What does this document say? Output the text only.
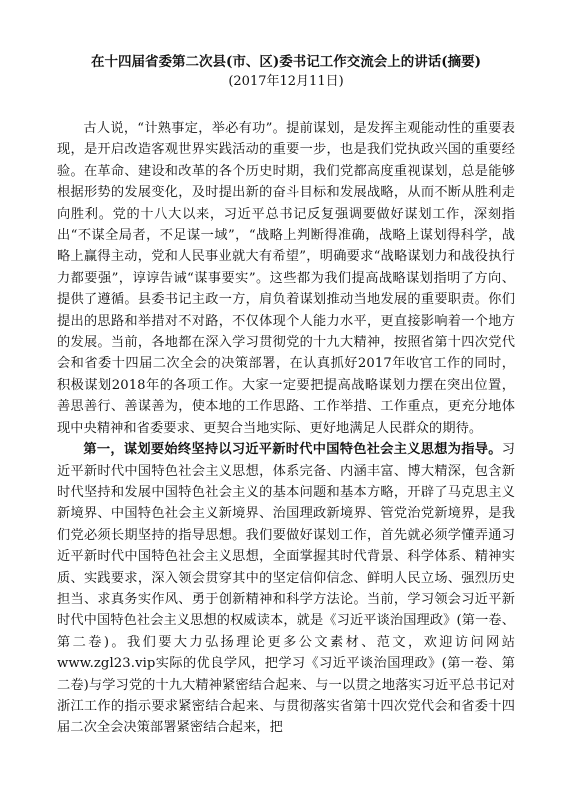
在十四届省委第二次县(市、区)委书记工作交流会上的讲话(摘要)

(2017年12月11日)

古人说，“计熟事定，举必有功”。提前谋划，是发挥主观能动性的重要表现，是开启改造客观世界实践活动的重要一步，也是我们党执政兴国的重要经验。在革命、建设和改革的各个历史时期，我们党都高度重视谋划，总是能够根据形势的发展变化，及时提出新的奋斗目标和发展战略，从而不断从胜利走向胜利。党的十八大以来，习近平总书记反复强调要做好谋划工作，深刻指出“不谋全局者，不足谋一域”，“战略上判断得准确，战略上谋划得科学，战略上赢得主动，党和人民事业就大有希望”，明确要求“战略谋划力和战役执行力都要强”，谆谆告诫“谋事要实”。这些都为我们提高战略谋划指明了方向、提供了遵循。县委书记主政一方，肩负着谋划推动当地发展的重要职责。你们提出的思路和举措对不对路，不仅体现个人能力水平，更直接影响着一个地方的发展。当前，各地都在深入学习贯彻党的十九大精神，按照省第十四次党代会和省委十四届二次全会的决策部署，在认真抓好2017年收官工作的同时，积极谋划2018年的各项工作。大家一定要把提高战略谋划力摆在突出位置，善思善行、善谋善为，使本地的工作思路、工作举措、工作重点，更充分地体现中央精神和省委要求、更契合当地实际、更好地满足人民群众的期待。

第一，谋划要始终坚持以习近平新时代中国特色社会主义思想为指导。习近平新时代中国特色社会主义思想，体系完备、内涵丰富、博大精深，包含新时代坚持和发展中国特色社会主义的基本问题和基本方略，开辟了马克思主义新境界、中国特色社会主义新境界、治国理政新境界、管党治党新境界，是我们党必须长期坚持的指导思想。我们要做好谋划工作，首先就必须学懂弄通习近平新时代中国特色社会主义思想，全面掌握其时代背景、科学体系、精神实质、实践要求，深入领会贯穿其中的坚定信仰信念、鲜明人民立场、强烈历史担当、求真务实作风、勇于创新精神和科学方法论。当前，学习领会习近平新时代中国特色社会主义思想的权威读本，就是《习近平谈治国理政》(第一卷、第二卷)。我们要大力弘扬理论更多公文素材、范文，欢迎访问网站www.zgl23.vip实际的优良学风，把学习《习近平谈治国理政》(第一卷、第二卷)与学习党的十九大精神紧密结合起来、与一以贯之地落实习近平总书记对浙江工作的指示要求紧密结合起来、与贯彻落实省第十四次党代会和省委十四届二次全会决策部署紧密结合起来，把
